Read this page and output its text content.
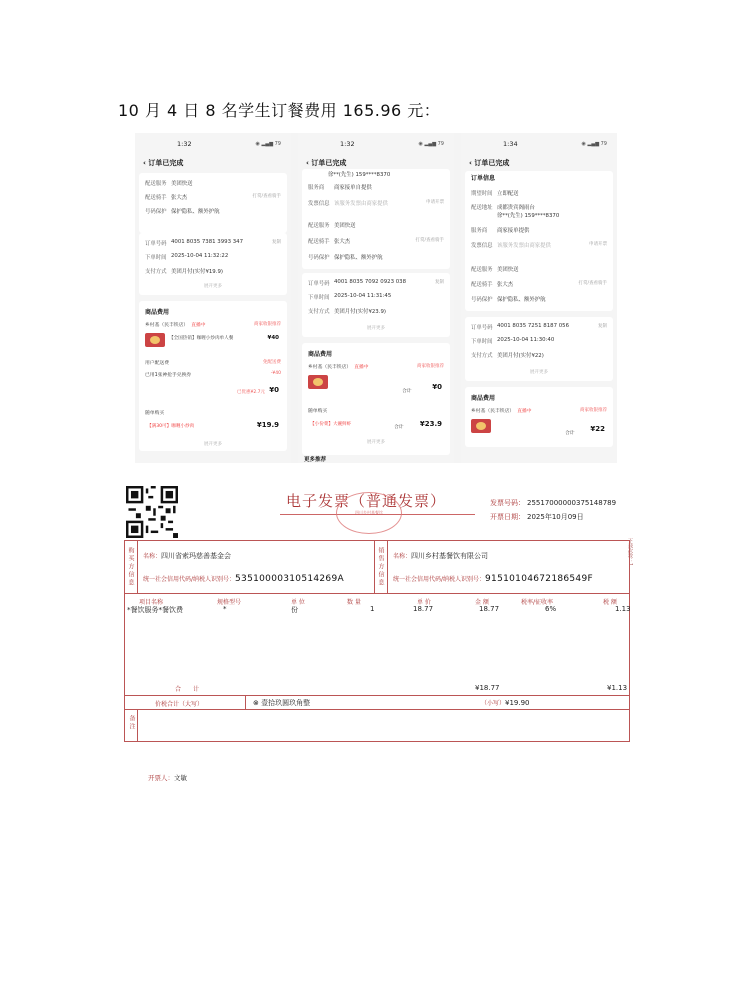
10 月 4 日 8 名学生订餐费用 165.96 元：
1:32	◉ ▂▄▆ 79
‹ 订单已完成
配送服务 美团快送
配送骑手 张大杰	打赏/查看骑手
号码保护 保护隐私、额外护航
订单号码 4001 8035 7381 3993 347	复制
下单时间 2025-10-04 11:32:22
支付方式 美团月付(实付¥19.9)
展开更多
商品费用
乡村基（民丰铁店） 直播中	商家收银推荐
【全国热销】咖喱小炒肉单人餐	¥40
用户配送费	免配送费
已用1张神抢手兑换券	-¥40
已优惠¥2.7元 ¥0
随单购买
【满30可】咖喱小炒肉	¥19.9
展开更多
1:32	◉ ▂▄▆ 79
‹ 订单已完成
徐**(先生) 159****8370
服务商 商家接单自提供
发票信息 该服务发票由商家提供	申请开票
配送服务 美团快送
配送骑手 张大杰	打赏/查看骑手
号码保护 保护隐私、额外护航
订单号码 4001 8035 7092 0923 038	复制
下单时间 2025-10-04 11:31:45
支付方式 美团月付(实付¥23.9)
展开更多
商品费用
乡村基（民丰铁店） 直播中	商家收银推荐
合计
¥0
随单购买
【小份菜】大碗鲜虾
合计 ¥23.9
展开更多
更多推荐
1:34	◉ ▂▄▆ 79
‹ 订单已完成
订单信息
期望时间 立即配送
配送地址 成都贵宾阁雨台
徐**(先生) 159****8370
服务商 商家接单提供
发票信息 该服务发票由商家提供	申请开票
配送服务 美团快送
配送骑手 张大杰	打赏/查看骑手
号码保护 保护隐私、额外护航
订单号码 4001 8035 7251 8187 056	复制
下单时间 2025-10-04 11:30:40
支付方式 美团月付(实付¥22)
展开更多
商品费用
乡村基（民丰铁店） 直播中	商家收银推荐
合计
¥22
电子发票（普通发票）
四川乡村基餐饮
发票号码： 25517000000375148789
开票日期： 2025年10月09日
下载次数：1
购买方信息	销售方信息
名称：四川省索玛慈善基金会
统一社会信用代码/纳税人识别号：53510000310514269A
名称：四川乡村基餐饮有限公司
统一社会信用代码/纳税人识别号：91510104672186549F
项目名称	规格型号	单 位	数 量	单 价	金 额	税率/征收率	税 额
*餐饮服务*餐饮费	*	份	1	18.77	18.77	6%	1.13
合　　计	¥18.77	¥1.13
价税合计（大写）	⊗ 壹拾玖圆玖角整	（小写）¥19.90
备注
开票人：文敏
